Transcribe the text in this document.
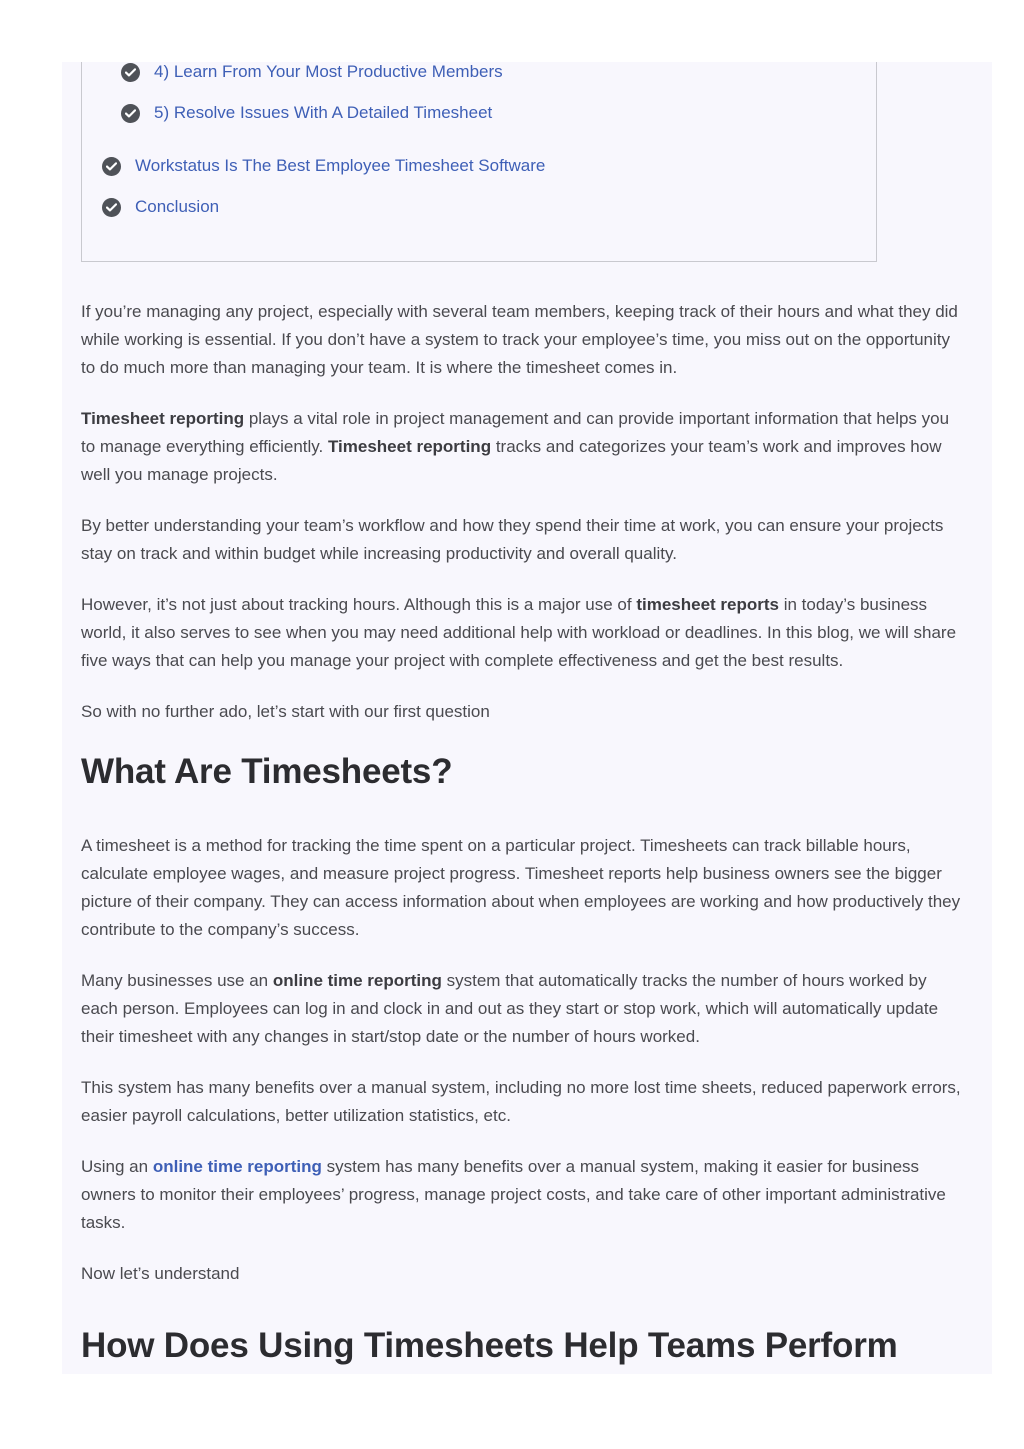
4) Learn From Your Most Productive Members
5) Resolve Issues With A Detailed Timesheet
Workstatus Is The Best Employee Timesheet Software
Conclusion

If you’re managing any project, especially with several team members, keeping track of their hours and what they did while working is essential. If you don’t have a system to track your employee’s time, you miss out on the opportunity to do much more than managing your team. It is where the timesheet comes in.

Timesheet reporting plays a vital role in project management and can provide important information that helps you to manage everything efficiently. Timesheet reporting tracks and categorizes your team’s work and improves how well you manage projects.

By better understanding your team’s workflow and how they spend their time at work, you can ensure your projects stay on track and within budget while increasing productivity and overall quality.

However, it’s not just about tracking hours. Although this is a major use of timesheet reports in today’s business world, it also serves to see when you may need additional help with workload or deadlines. In this blog, we will share five ways that can help you manage your project with complete effectiveness and get the best results.

So with no further ado, let’s start with our first question

What Are Timesheets?

A timesheet is a method for tracking the time spent on a particular project. Timesheets can track billable hours, calculate employee wages, and measure project progress. Timesheet reports help business owners see the bigger picture of their company. They can access information about when employees are working and how productively they contribute to the company’s success.

Many businesses use an online time reporting system that automatically tracks the number of hours worked by each person. Employees can log in and clock in and out as they start or stop work, which will automatically update their timesheet with any changes in start/stop date or the number of hours worked.

This system has many benefits over a manual system, including no more lost time sheets, reduced paperwork errors, easier payroll calculations, better utilization statistics, etc.

Using an online time reporting system has many benefits over a manual system, making it easier for business owners to monitor their employees’ progress, manage project costs, and take care of other important administrative tasks.

Now let’s understand

How Does Using Timesheets Help Teams Perform
